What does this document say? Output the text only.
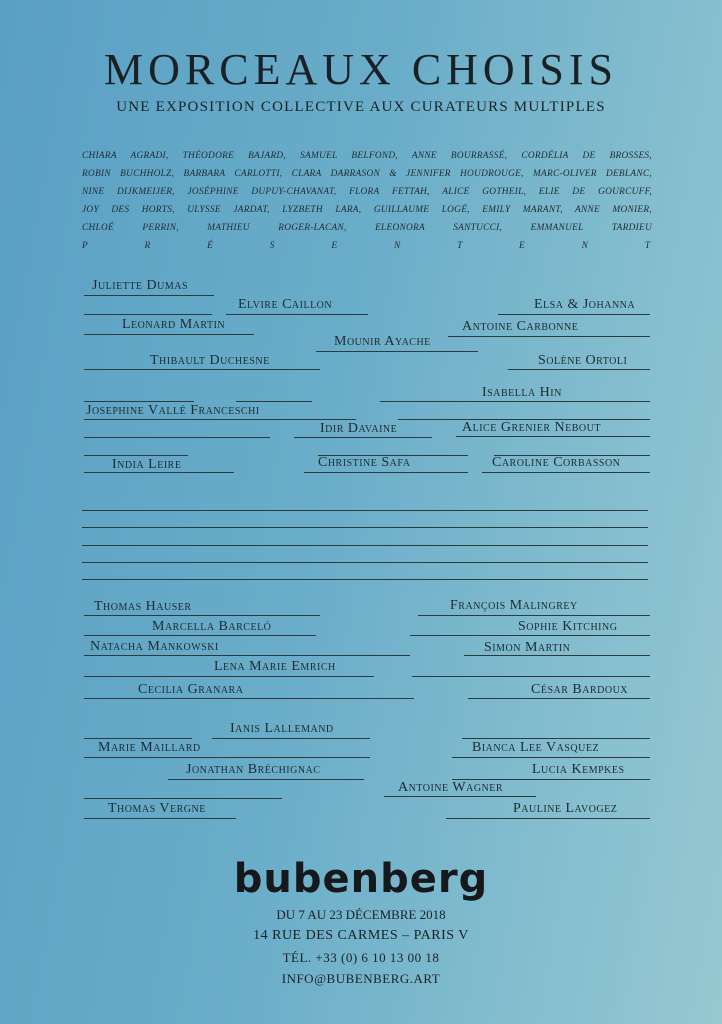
MORCEAUX CHOISIS
UNE EXPOSITION COLLECTIVE AUX CURATEURS MULTIPLES
CHIARA AGRADI, THÉODORE BAJARD, SAMUEL BELFOND, ANNE BOURRASSÉ, CORDÉLIA DE BROSSES,
ROBIN BUCHHOLZ, BARBARA CARLOTTI, CLARA DARRASON & JENNIFER HOUDROUGE, MARC-OLIVER DEBLANC,
NINE DIJKMEIJER, JOSÉPHINE DUPUY-CHAVANAT, FLORA FETTAH, ALICE GOTHEIL, ELIE DE GOURCUFF,
JOY DES HORTS, ULYSSE JARDAT, LYZBETH LARA, GUILLAUME LOGÉ, EMILY MARANT, ANNE MONIER,
CHLOÉ PERRIN, MATHIEU ROGER-LACAN, ELEONORA SANTUCCI, EMMANUEL TARDIEU
P R É S E N T E N T
Juliette Dumas
Elvire Caillon	Elsa & Johanna
Leonard Martin	Antoine Carbonne
Mounir Ayache
Thibault Duchesne	Solène Ortoli
Isabella Hin
Josephine Vallé Franceschi
Idir Davaine	Alice Grenier Nebout
India Leire	Christine Safa	Caroline Corbasson
Thomas Hauser	François Malingrey
Marcella Barceló	Sophie Kitching
Natacha Mankowski	Simon Martin
Lena Marie Emrich
Cecilia Granara	César Bardoux
Ianis Lallemand
Marie Maillard	Bianca Lee Vasquez
Jonathan Bréchignac	Lucia Kempkes
Antoine Wagner
Thomas Vergne	Pauline Lavogez
bubenberg
DU 7 AU 23 DÉCEMBRE 2018
14 RUE DES CARMES – PARIS V
TÉL. +33 (0) 6 10 13 00 18
INFO@BUBENBERG.ART
